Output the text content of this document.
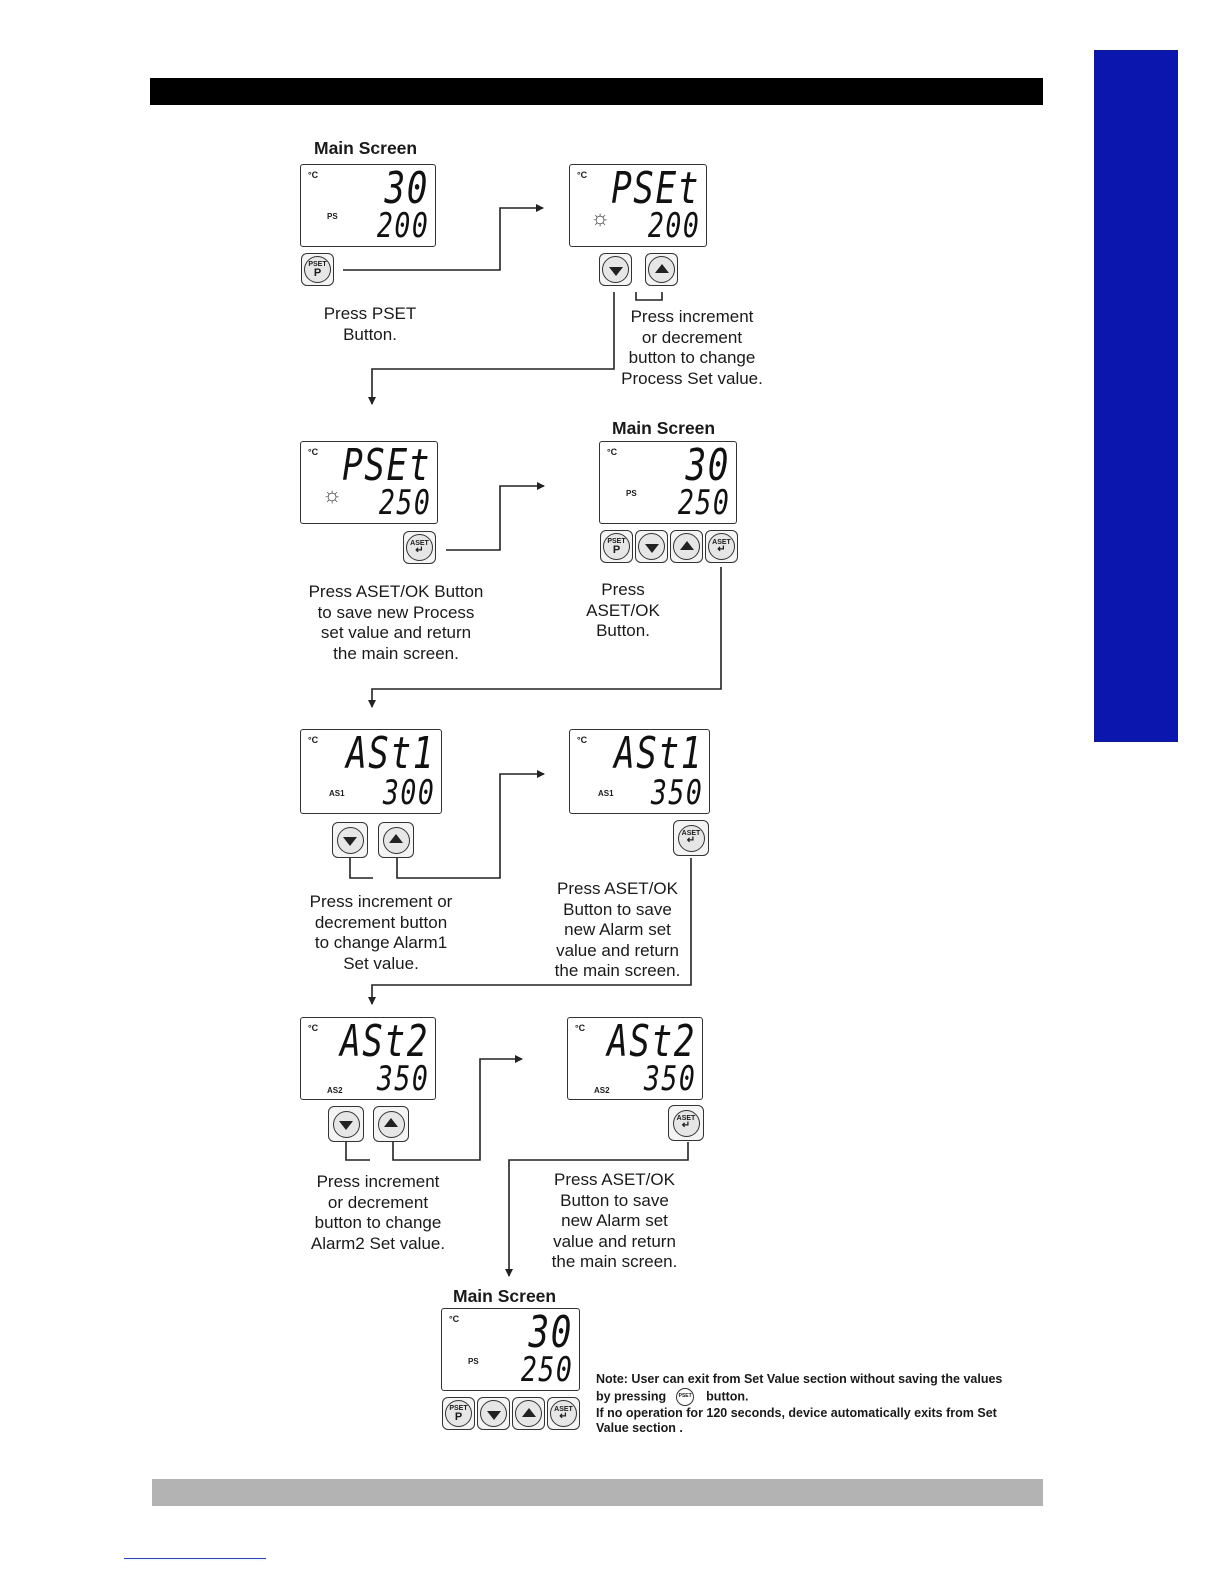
Main Screen
°C
PS
30
200
PSET
P
Press PSET
Button.
°C
☼
PSEt
200
Press increment
or decrement
button to change
Process Set value.
°C
☼
PSEt
250
ASET
↵
Press ASET/OK Button
to save new Process
set value and return
the main screen.
Main Screen
°C
PS
30
250
PSET
P
ASET
↵
Press
ASET/OK
Button.
°C
AS1
ASt1
300
Press increment or
decrement button
to change Alarm1
Set value.
°C
AS1
ASt1
350
ASET
↵
Press ASET/OK
Button to save
new Alarm set
value and return
the main screen.
°C
AS2
ASt2
350
Press increment
or decrement
button to change
Alarm2 Set value.
°C
AS2
ASt2
350
ASET
↵
Press ASET/OK
Button to save
new Alarm set
value and return
the main screen.
Main Screen
°C
PS
30
250
PSET
P
ASET
↵
Note: User can exit from Set Value section without saving the values by pressing PSET button.
If no operation for 120 seconds, device automatically exits from Set Value section .
